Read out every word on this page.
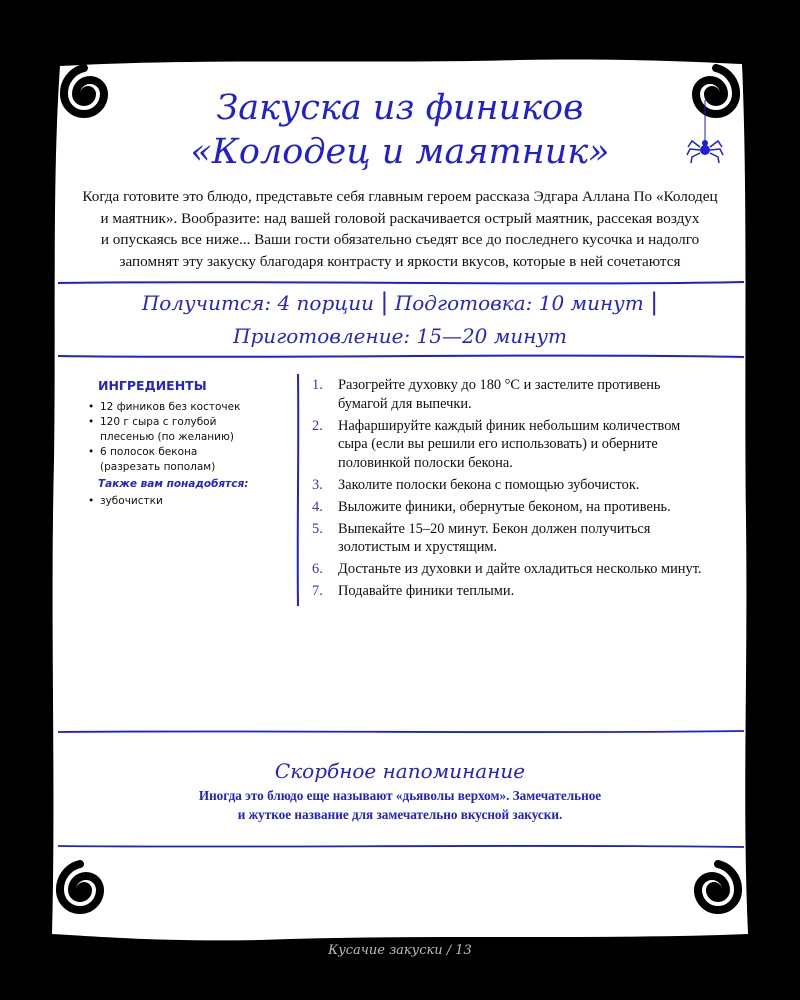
Закуска из фиников
«Колодец и маятник»
Когда готовите это блюдо, представьте себя главным героем рассказа Эдгара Аллана По «Колодец
и маятник». Вообразите: над вашей головой раскачивается острый маятник, рассекая воздух
и опускаясь все ниже... Ваши гости обязательно съедят все до последнего кусочка и надолго
запомнят эту закуску благодаря контрасту и яркости вкусов, которые в ней сочетаются
Получится: 4 порции | Подготовка: 10 минут |
Приготовление: 15—20 минут
ИНГРЕДИЕНТЫ
• 12 фиников без косточек
• 120 г сыра с голубой плесенью (по желанию)
• 6 полосок бекона (разрезать пополам)
Также вам понадобятся:
• зубочистки
1. Разогрейте духовку до 180 °C и застелите противень бумагой для выпечки.
2. Нафаршируйте каждый финик небольшим количеством сыра (если вы решили его использовать) и оберните половинкой полоски бекона.
3. Заколите полоски бекона с помощью зубочисток.
4. Выложите финики, обернутые беконом, на противень.
5. Выпекайте 15–20 минут. Бекон должен получиться золотистым и хрустящим.
6. Достаньте из духовки и дайте охладиться несколько минут.
7. Подавайте финики теплыми.
Скорбное напоминание
Иногда это блюдо еще называют «дьяволы верхом». Замечательное
и жуткое название для замечательно вкусной закуски.
Кусачие закуски / 13
